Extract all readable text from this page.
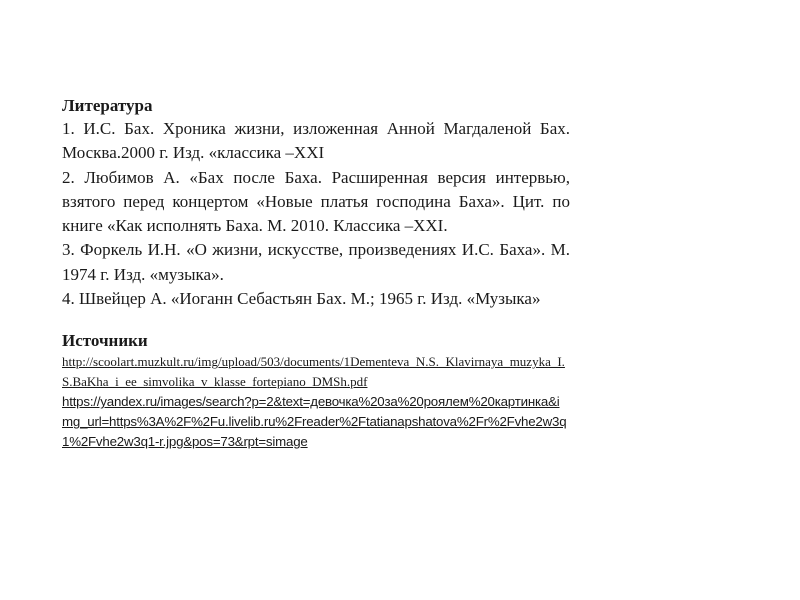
Литература

1. И.С. Бах. Хроника жизни, изложенная Анной Магдаленой Бах. Москва.2000 г. Изд. «классика –XXI

2. Любимов А. «Бах после Баха. Расширенная версия интервью, взятого перед концертом «Новые платья господина Баха». Цит. по книге «Как исполнять Баха. М. 2010. Классика –XXI.

3. Форкель И.Н. «О жизни, искусстве, произведениях И.С. Баха». М. 1974 г. Изд. «музыка».

4. Швейцер А. «Иоганн Себастьян Бах. М.; 1965 г. Изд. «Музыка»

Источники

http://scoolart.muzkult.ru/img/upload/503/documents/1Dementeva_N.S._Klavirnaya_muzyka_I.S.BaKha_i_ee_simvolika_v_klasse_fortepiano_DMSh.pdf
https://yandex.ru/images/search?p=2&text=девочка%20за%20роялем%20картинка&img_url=https%3A%2F%2Fu.livelib.ru%2Freader%2Ftatianapshatova%2Fr%2Fvhe2w3q1%2Fvhe2w3q1-r.jpg&pos=73&rpt=simage
